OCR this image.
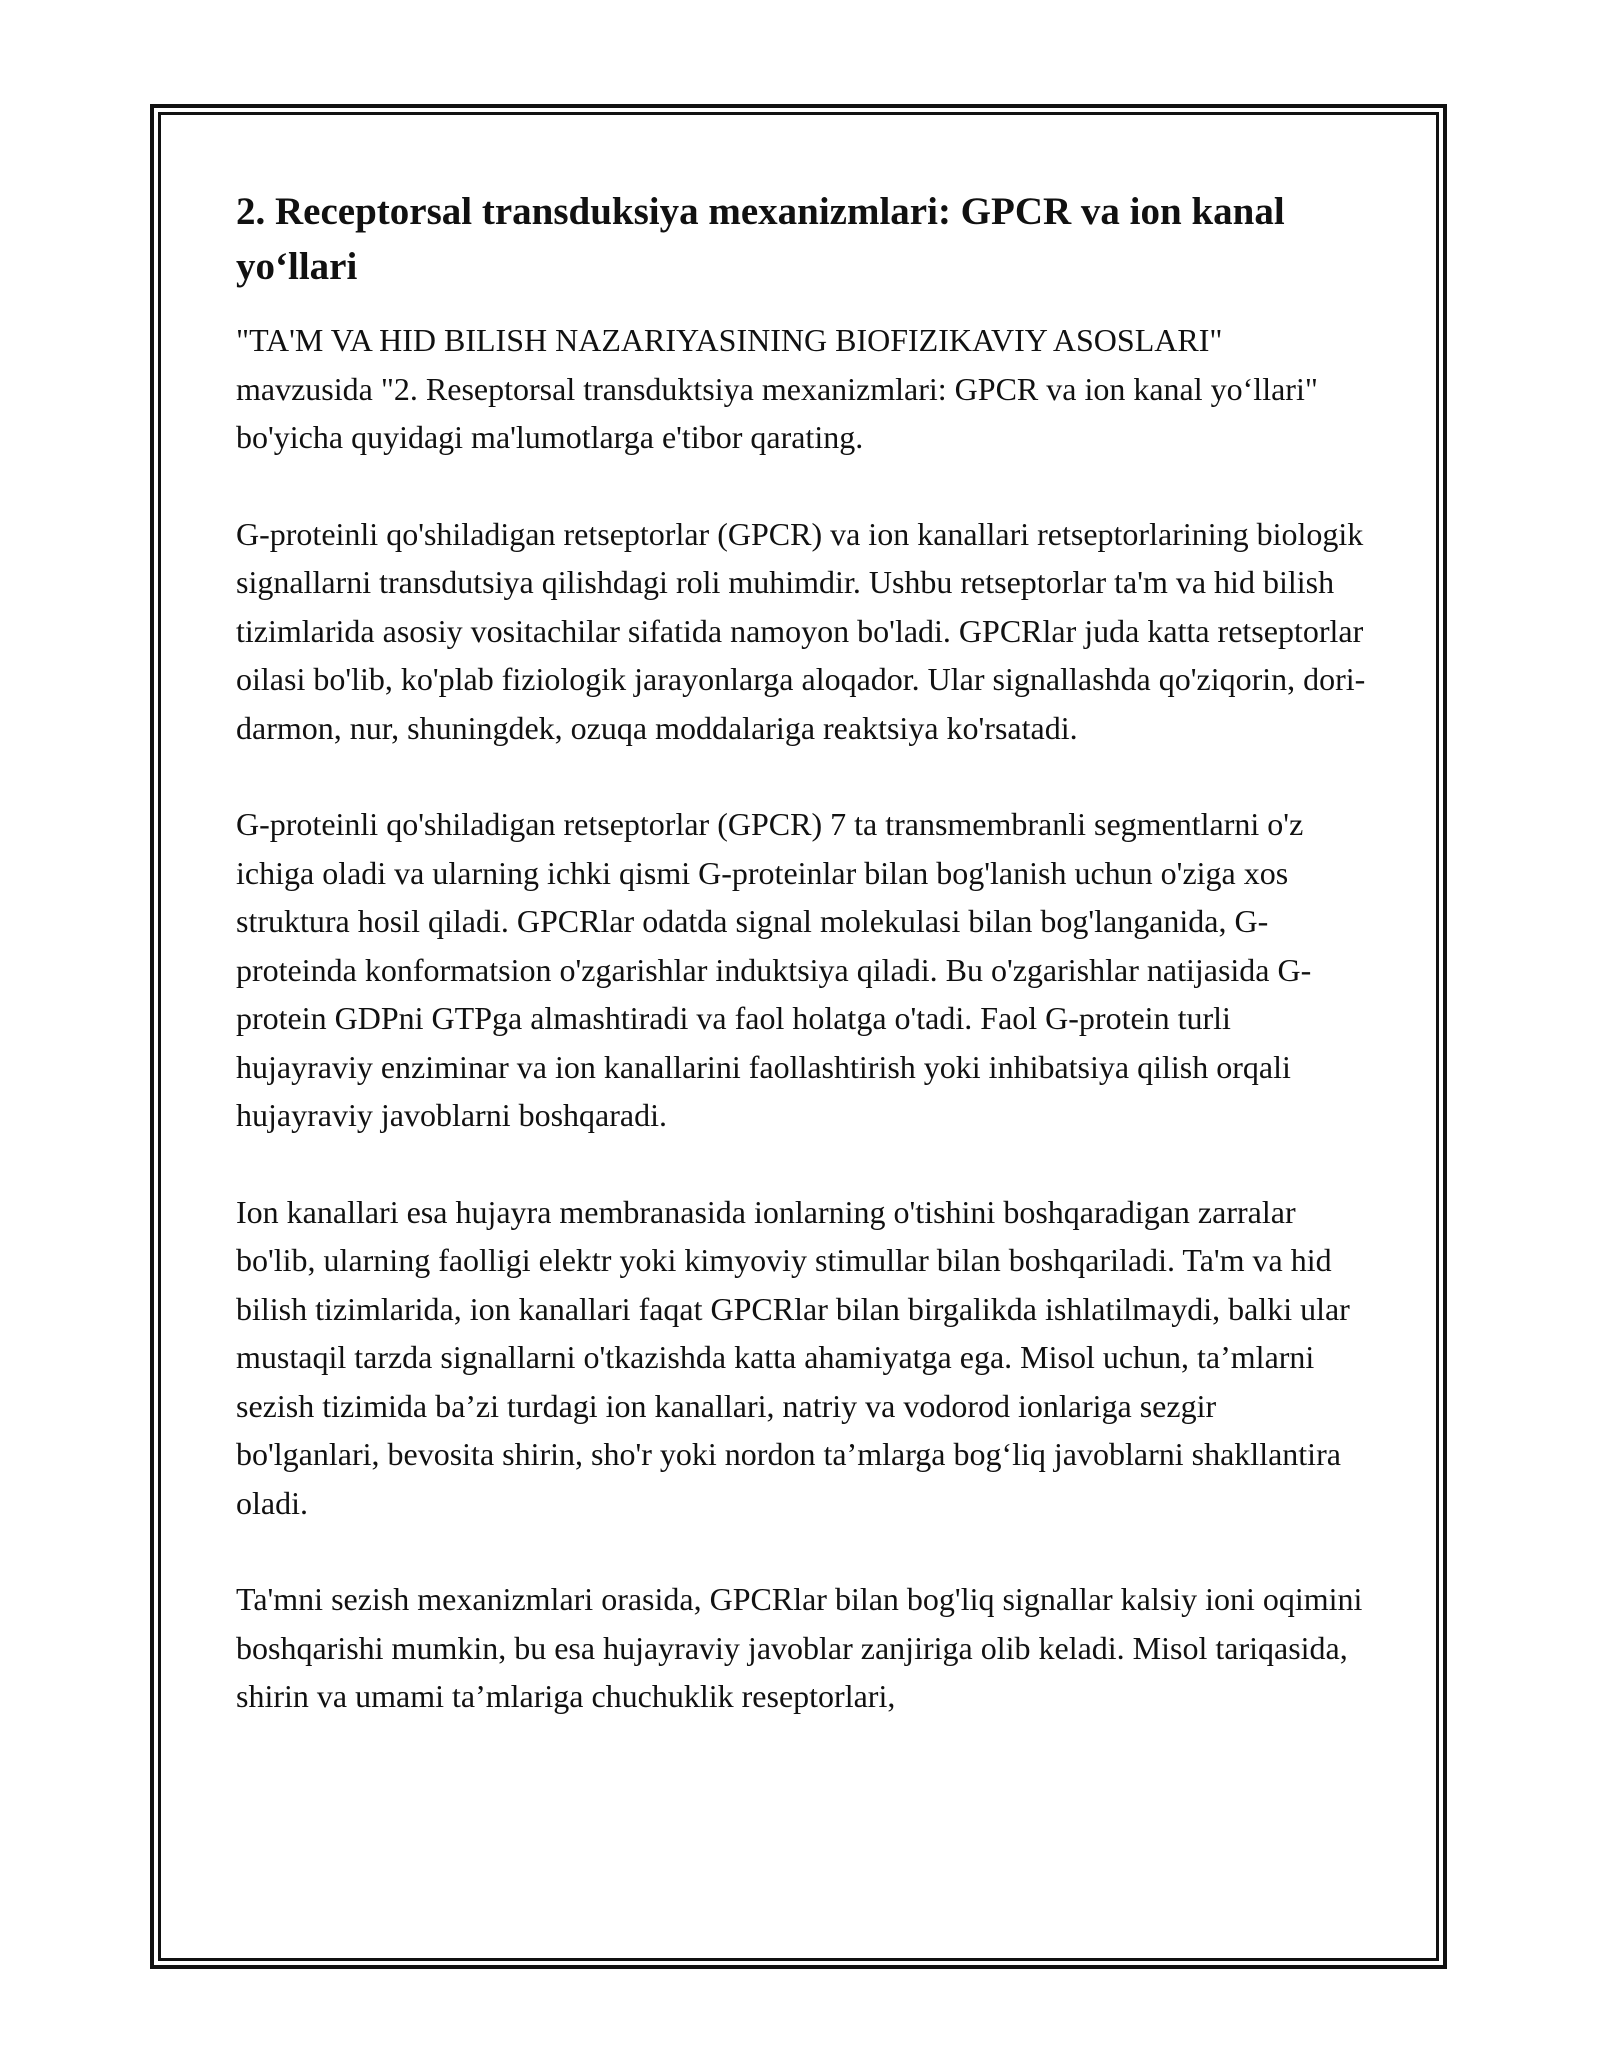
2. Receptorsal transduksiya mexanizmlari: GPCR va ion kanal yo‘llari

"TA'M VA HID BILISH NAZARIYASINING BIOFIZIKAVIY ASOSLARI" mavzusida "2. Reseptorsal transduktsiya mexanizmlari: GPCR va ion kanal yo‘llari" bo'yicha quyidagi ma'lumotlarga e'tibor qarating.

G-proteinli qo'shiladigan retseptorlar (GPCR) va ion kanallari retseptorlarining biologik signallarni transdutsiya qilishdagi roli muhimdir. Ushbu retseptorlar ta'm va hid bilish tizimlarida asosiy vositachilar sifatida namoyon bo'ladi. GPCRlar juda katta retseptorlar oilasi bo'lib, ko'plab fiziologik jarayonlarga aloqador. Ular signallashda qo'ziqorin, dori-darmon, nur, shuningdek, ozuqa moddalariga reaktsiya ko'rsatadi.

G-proteinli qo'shiladigan retseptorlar (GPCR) 7 ta transmembranli segmentlarni o'z ichiga oladi va ularning ichki qismi G-proteinlar bilan bog'lanish uchun o'ziga xos struktura hosil qiladi. GPCRlar odatda signal molekulasi bilan bog'langanida, G-proteinda konformatsion o'zgarishlar induktsiya qiladi. Bu o'zgarishlar natijasida G-protein GDPni GTPga almashtiradi va faol holatga o'tadi. Faol G-protein turli hujayraviy enziminar va ion kanallarini faollashtirish yoki inhibatsiya qilish orqali hujayraviy javoblarni boshqaradi.

Ion kanallari esa hujayra membranasida ionlarning o'tishini boshqaradigan zarralar bo'lib, ularning faolligi elektr yoki kimyoviy stimullar bilan boshqariladi. Ta'm va hid bilish tizimlarida, ion kanallari faqat GPCRlar bilan birgalikda ishlatilmaydi, balki ular mustaqil tarzda signallarni o'tkazishda katta ahamiyatga ega. Misol uchun, ta’mlarni sezish tizimida ba’zi turdagi ion kanallari, natriy va vodorod ionlariga sezgir bo'lganlari, bevosita shirin, sho'r yoki nordon ta’mlarga bog‘liq javoblarni shakllantira oladi.

Ta'mni sezish mexanizmlari orasida, GPCRlar bilan bog'liq signallar kalsiy ioni oqimini boshqarishi mumkin, bu esa hujayraviy javoblar zanjiriga olib keladi. Misol tariqasida, shirin va umami ta’mlariga chuchuklik reseptorlari,
